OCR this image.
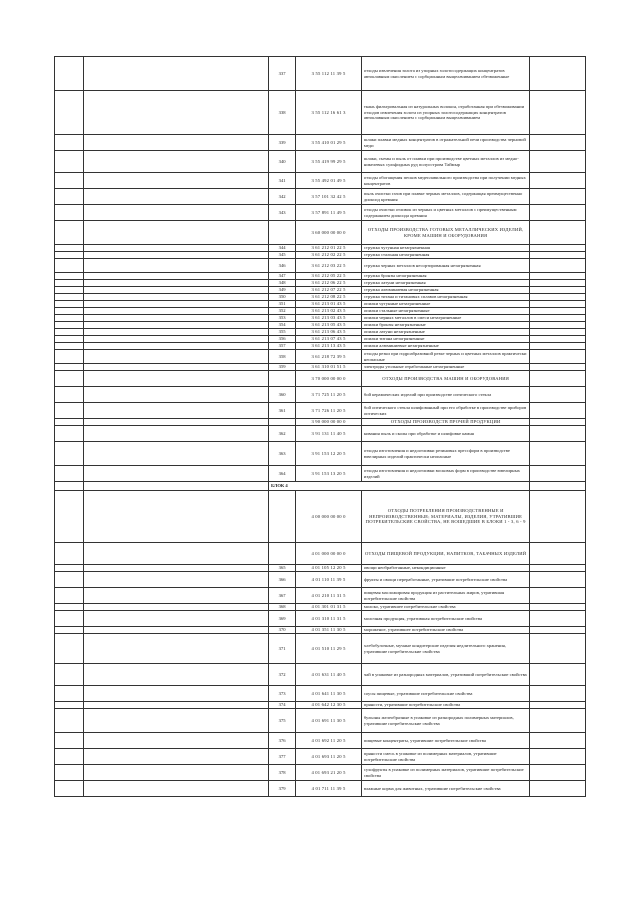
		337	3 55 112 11 39 5	отходы извлечения золота из упорных золотосодержащих концентратов автоклавным окислением с сорбционным выщелачиванием обезвоженные	
		338	3 55 112 16 61 3	ткань фильтровальная из натуральных волокон, отработанная при обезвоживании отходов извлечения золота из упорных золотосодержащих концентратов автоклавным окислением с сорбционным выщелачиванием	
		339	3 55 410 01 29 5	шлаки плавки медных концентратов в отражательной печи производства черновой меди	
		340	3 55 419 99 29 5	шлаки, съемы и пыль от плавки при производстве цветных металлов из медно-никелевых сульфидных руд полуострова Таймыр	
		341	3 55 492 01 49 5	отходы обогащения песков медеплавильного производства при получении медных концентратов	
		342	3 57 101 32 42 5	пыль очистки газов при плавке черных металлов, содержащая преимущественно диоксид кремния	
		343	3 57 891 11 49 5	отходы очистки отливок из черных и цветных металлов с преимущественным содержанием диоксида кремния	
			3 60 000 00 00 0	ОТХОДЫ ПРОИЗВОДСТВА ГОТОВЫХ МЕТАЛЛИЧЕСКИХ ИЗДЕЛИЙ, КРОМЕ МАШИН И ОБОРУДОВАНИЯ	
		344	3 61 212 01 22 5	стружка чугунная незагрязненная	
		345	3 61 212 02 22 5	стружка стальная незагрязненная	
		346	3 61 212 03 22 5	стружка черных металлов несортированная незагрязненная	
		347	3 61 212 05 22 5	стружка бронзы незагрязненная	
		348	3 61 212 06 22 5	стружка латуни незагрязненная	
		349	3 61 212 07 22 5	стружка алюминиевая незагрязненная	
		350	3 61 212 08 22 5	стружка титана и титановых сплавов незагрязненная	
		351	3 61 213 01 43 5	опилки чугунные незагрязненные	
		352	3 61 213 02 43 5	опилки стальные незагрязненные	
		353	3 61 213 03 43 5	опилки черных металлов в смеси незагрязненные	
		354	3 61 213 05 43 5	опилки бронзы незагрязненные	
		355	3 61 213 06 43 5	опилки латуни незагрязненные	
		356	3 61 213 07 43 5	опилки титана незагрязненные	
		357	3 61 213 13 43 5	опилки алюминиевые незагрязненные	
		358	3 61 218 72 39 5	отходы резки при гидроабразивной резке черных и цветных металлов практически неопасные	
		359	3 61 310 01 51 5	электроды угольные отработанные незагрязненные	
			3 70 000 00 00 0	ОТХОДЫ ПРОИЗВОДСТВА МАШИН И ОБОРУДОВАНИЯ	
		360	3 71 725 11 20 5	бой керамических изделий при производстве оптического стекла	
		361	3 71 726 11 20 5	бой оптического стекла шлифованный при его обработке в производстве приборов оптических	
			3 90 000 00 00 0	ОТХОДЫ ПРОИЗВОДСТВ ПРОЧЕЙ ПРОДУКЦИИ	
		362	3 91 131 11 40 5	кивания пыль и сколы при обработке и шлифовке камня	
		363	3 91 153 12 20 5	отходы изготовления и недоотливки резиновых прессформ в производстве ювелирных изделий практически неопасные	
		364	3 91 153 13 20 5	отходы изготовления и недоотливки восковых форм в производстве ювелирных изделий	
		БЛОК 4			
			4 00 000 00 00 0	ОТХОДЫ ПОТРЕБЛЕНИЯ ПРОИЗВОДСТВЕННЫЕ И НЕПРОИЗВОДСТВЕННЫЕ; МАТЕРИАЛЫ, ИЗДЕЛИЯ, УТРАТИВШИЕ ПОТРЕБИТЕЛЬСКИЕ СВОЙСТВА, НЕ ВОШЕДШИЕ В БЛОКИ 1 - 3, 6 - 9	
			4 01 000 00 00 0	ОТХОДЫ ПИЩЕВОЙ ПРОДУКЦИИ, НАПИТКОВ, ТАБАЧНЫХ ИЗДЕЛИЙ	
		365	4 01 105 12 20 5	овощи необработанные, некондиционные	
		366	4 01 110 11 39 5	фрукты и овощи переработанные, утратившие потребительские свойства	
		367	4 01 210 11 31 5	пищевая масложировая продукция из растительных жиров, утратившая потребительские свойства	
		368	4 01 301 01 31 5	молоко, утратившее потребительские свойства	
		369	4 01 310 11 31 5	молочная продукция, утратившая потребительские свойства	
		370	4 01 351 11 30 5	мороженое, утратившее потребительские свойства	
		371	4 01 510 11 29 5	хлебобулочные, мучные кондитерские изделия недлительного хранения, утратившие потребительские свойства	
		372	4 01 631 11 40 5	чай в упаковке из разнородных материалов, утративший потребительские свойства	
		373	4 01 641 11 30 5	соусы пищевые, утратившие потребительские свойства	
		374	4 01 642 12 30 5	пряности, утратившие потребительские свойства	
		375	4 01 691 11 30 5	бульоны желеобразные в упаковке из разнородных полимерных материалов, утратившие потребительские свойства	
		376	4 01 692 11 20 5	пищевые концентраты, утратившие потребительские свойства	
		377	4 01 693 11 20 5	пряности смесь в упаковке из полимерных материалов, утратившие потребительские свойства	
		378	4 01 693 21 20 5	сухофрукты в упаковке из полимерных материалов, утратившие потребительские свойства	
		379	4 01 711 11 39 5	влажные корма для животных, утратившие потребительские свойства	
